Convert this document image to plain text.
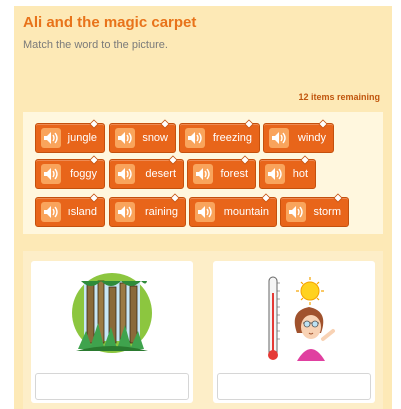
Ali and the magic carpet
Match the word to the picture.
12 items remaining
jungle	snow	freezing	windy
foggy	desert	forest	hot
ısland	raining	mountain	storm
